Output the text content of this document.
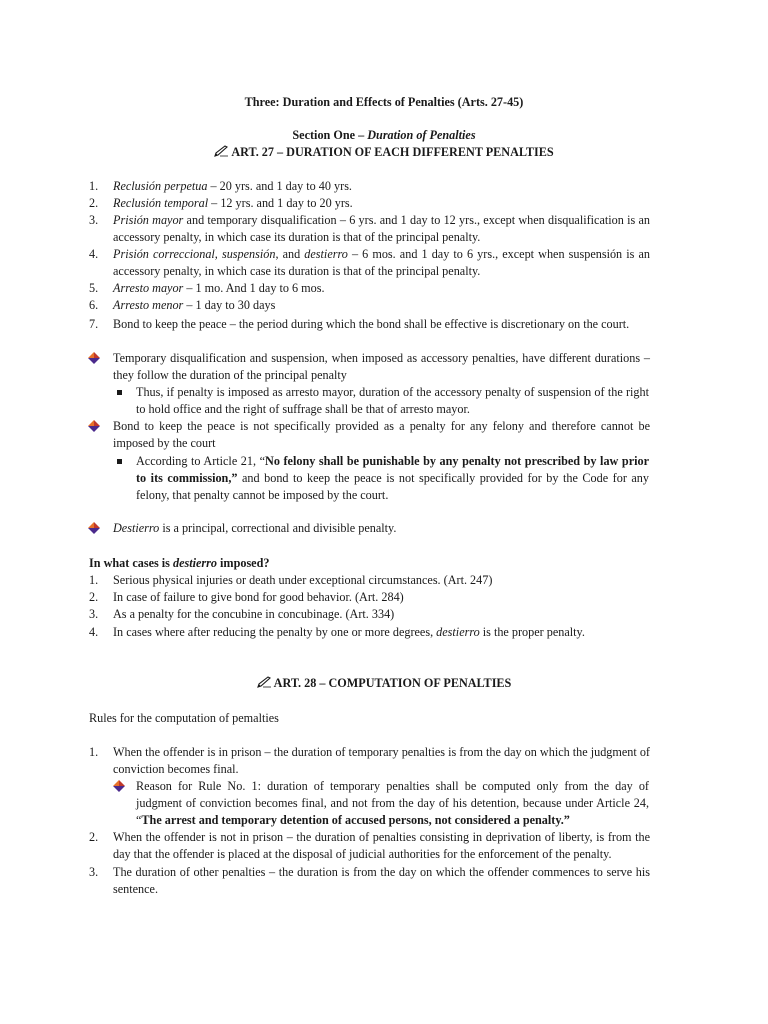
Three: Duration and Effects of Penalties (Arts. 27-45)
Section One – Duration of Penalties
ART. 27 – DURATION OF EACH DIFFERENT PENALTIES
1. Reclusión perpetua – 20 yrs. and 1 day to 40 yrs.
2. Reclusión temporal – 12 yrs. and 1 day to 20 yrs.
3. Prisión mayor and temporary disqualification – 6 yrs. and 1 day to 12 yrs., except when disqualification is an accessory penalty, in which case its duration is that of the principal penalty.
4. Prisión correccional, suspensión, and destierro – 6 mos. and 1 day to 6 yrs., except when suspensión is an accessory penalty, in which case its duration is that of the principal penalty.
5. Arresto mayor – 1 mo. And 1 day to 6 mos.
6. Arresto menor – 1 day to 30 days
7. Bond to keep the peace – the period during which the bond shall be effective is discretionary on the court.
Temporary disqualification and suspension, when imposed as accessory penalties, have different durations – they follow the duration of the principal penalty
Thus, if penalty is imposed as arresto mayor, duration of the accessory penalty of suspension of the right to hold office and the right of suffrage shall be that of arresto mayor.
Bond to keep the peace is not specifically provided as a penalty for any felony and therefore cannot be imposed by the court
According to Article 21, “No felony shall be punishable by any penalty not prescribed by law prior to its commission,” and bond to keep the peace is not specifically provided for by the Code for any felony, that penalty cannot be imposed by the court.
Destierro is a principal, correctional and divisible penalty.
In what cases is destierro imposed?
1. Serious physical injuries or death under exceptional circumstances. (Art. 247)
2. In case of failure to give bond for good behavior. (Art. 284)
3. As a penalty for the concubine in concubinage. (Art. 334)
4. In cases where after reducing the penalty by one or more degrees, destierro is the proper penalty.
ART. 28 – COMPUTATION OF PENALTIES
Rules for the computation of pemalties
1. When the offender is in prison – the duration of temporary penalties is from the day on which the judgment of conviction becomes final.
Reason for Rule No. 1: duration of temporary penalties shall be computed only from the day of judgment of conviction becomes final, and not from the day of his detention, because under Article 24, “The arrest and temporary detention of accused persons, not considered a penalty.”
2. When the offender is not in prison – the duration of penalties consisting in deprivation of liberty, is from the day that the offender is placed at the disposal of judicial authorities for the enforcement of the penalty.
3. The duration of other penalties – the duration is from the day on which the offender commences to serve his sentence.
